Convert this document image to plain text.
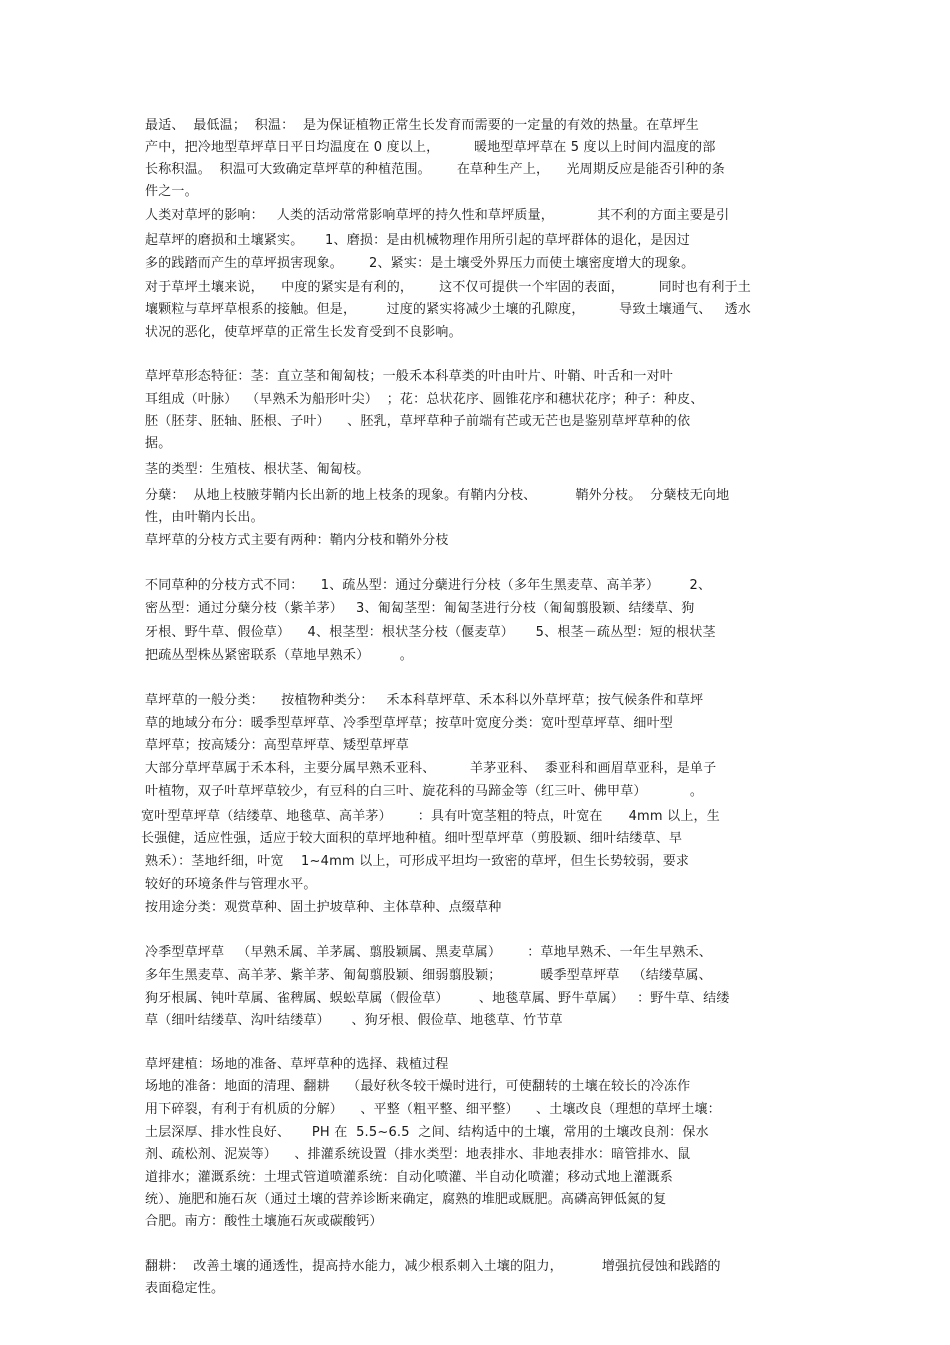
最适、  最低温；  积温：  是为保证植物正常生长发育而需要的一定量的有效的热量。在草坪生
产中，把冷地型草坪草日平日均温度在 0 度以上，        暖地型草坪草在 5 度以上时间内温度的部
长称积温。  积温可大致确定草坪草的种植范围。      在草种生产上，    光周期反应是能否引种的条
件之一。
人类对草坪的影响：   人类的活动常常影响草坪的持久性和草坪质量，          其不利的方面主要是引
起草坪的磨损和土壤紧实。     1、磨损：是由机械物理作用所引起的草坪群体的退化，是因过
多的践踏而产生的草坪损害现象。      2、紧实：是土壤受外界压力而使土壤密度增大的现象。
对于草坪土壤来说，    中度的紧实是有利的，      这不仅可提供一个牢固的表面，        同时也有利于土
壤颗粒与草坪草根系的接触。但是，       过度的紧实将减少土壤的孔隙度，        导致土壤通气、   透水
状况的恶化，使草坪草的正常生长发育受到不良影响。
草坪草形态特征：茎：直立茎和匍匐枝；一般禾本科草类的叶由叶片、叶鞘、叶舌和一对叶
耳组成（叶脉）  （早熟禾为船形叶尖）  ；花：总状花序、圆锥花序和穗状花序；种子：种皮、
胚（胚芽、胚轴、胚根、子叶）    、胚乳，草坪草种子前端有芒或无芒也是鉴别草坪草种的依
据。
茎的类型：生殖枝、根状茎、匍匐枝。
分蘖：  从地上枝腋芽鞘内长出新的地上枝条的现象。有鞘内分枝、         鞘外分枝。  分蘖枝无向地
性，由叶鞘内长出。
草坪草的分枝方式主要有两种：鞘内分枝和鞘外分枝
不同草种的分枝方式不同：    1、疏丛型：通过分蘖进行分枝（多年生黑麦草、高羊茅）       2、
密丛型：通过分蘖分枝（紫羊茅）   3、匍匐茎型：匍匐茎进行分枝（匍匐翦股颖、结缕草、狗
牙根、野牛草、假俭草）    4、根茎型：根状茎分枝（偃麦草）     5、根茎－疏丛型：短的根状茎
把疏丛型株丛紧密联系（草地早熟禾）       。
草坪草的一般分类：    按植物种类分：   禾本科草坪草、禾本科以外草坪草；按气候条件和草坪
草的地域分布分：暖季型草坪草、冷季型草坪草；按草叶宽度分类：宽叶型草坪草、细叶型
草坪草；按高矮分：高型草坪草、矮型草坪草
大部分草坪草属于禾本科，主要分属早熟禾亚科、        羊茅亚科、  黍亚科和画眉草亚科，是单子
叶植物，双子叶草坪草较少，有豆科的白三叶、旋花科的马蹄金等（红三叶、佛甲草）          。
宽叶型草坪草（结缕草、地毯草、高羊茅）      ：具有叶宽茎粗的特点，叶宽在      4mm 以上，生
长强健，适应性强，适应于较大面积的草坪地种植。细叶型草坪草（剪股颖、细叶结缕草、早
熟禾）：茎地纤细，叶宽    1~4mm 以上，可形成平坦均一致密的草坪，但生长势较弱，要求
较好的环境条件与管理水平。
按用途分类：观赏草种、固土护坡草种、主体草种、点缀草种
冷季型草坪草   （早熟禾属、羊茅属、翦股颖属、黑麦草属）      ：草地早熟禾、一年生早熟禾、
多年生黑麦草、高羊茅、紫羊茅、匍匐翦股颖、细弱翦股颖；         暖季型草坪草   （结缕草属、
狗牙根属、钝叶草属、雀稗属、蜈蚣草属（假俭草）       、地毯草属、野牛草属）   ：野牛草、结缕
草（细叶结缕草、沟叶结缕草）     、狗牙根、假俭草、地毯草、竹节草
草坪建植：场地的准备、草坪草种的选择、栽植过程
场地的准备：地面的清理、翻耕    （最好秋冬较干燥时进行，可使翻转的土壤在较长的冷冻作
用下碎裂，有利于有机质的分解）    、平整（粗平整、细平整）    、土壤改良（理想的草坪土壤：
土层深厚、排水性良好、     PH 在  5.5~6.5  之间、结构适中的土壤，常用的土壤改良剂：保水
剂、疏松剂、泥炭等）    、排灌系统设置（排水类型：地表排水、非地表排水：暗管排水、鼠
道排水；灌溉系统：土埋式管道喷灌系统：自动化喷灌、半自动化喷灌；移动式地上灌溉系
统）、施肥和施石灰（通过土壤的营养诊断来确定，腐熟的堆肥或厩肥。高磷高钾低氮的复
合肥。南方：酸性土壤施石灰或碳酸钙）
翻耕：  改善土壤的通透性，提高持水能力，减少根系刺入土壤的阻力，         增强抗侵蚀和践踏的
表面稳定性。
